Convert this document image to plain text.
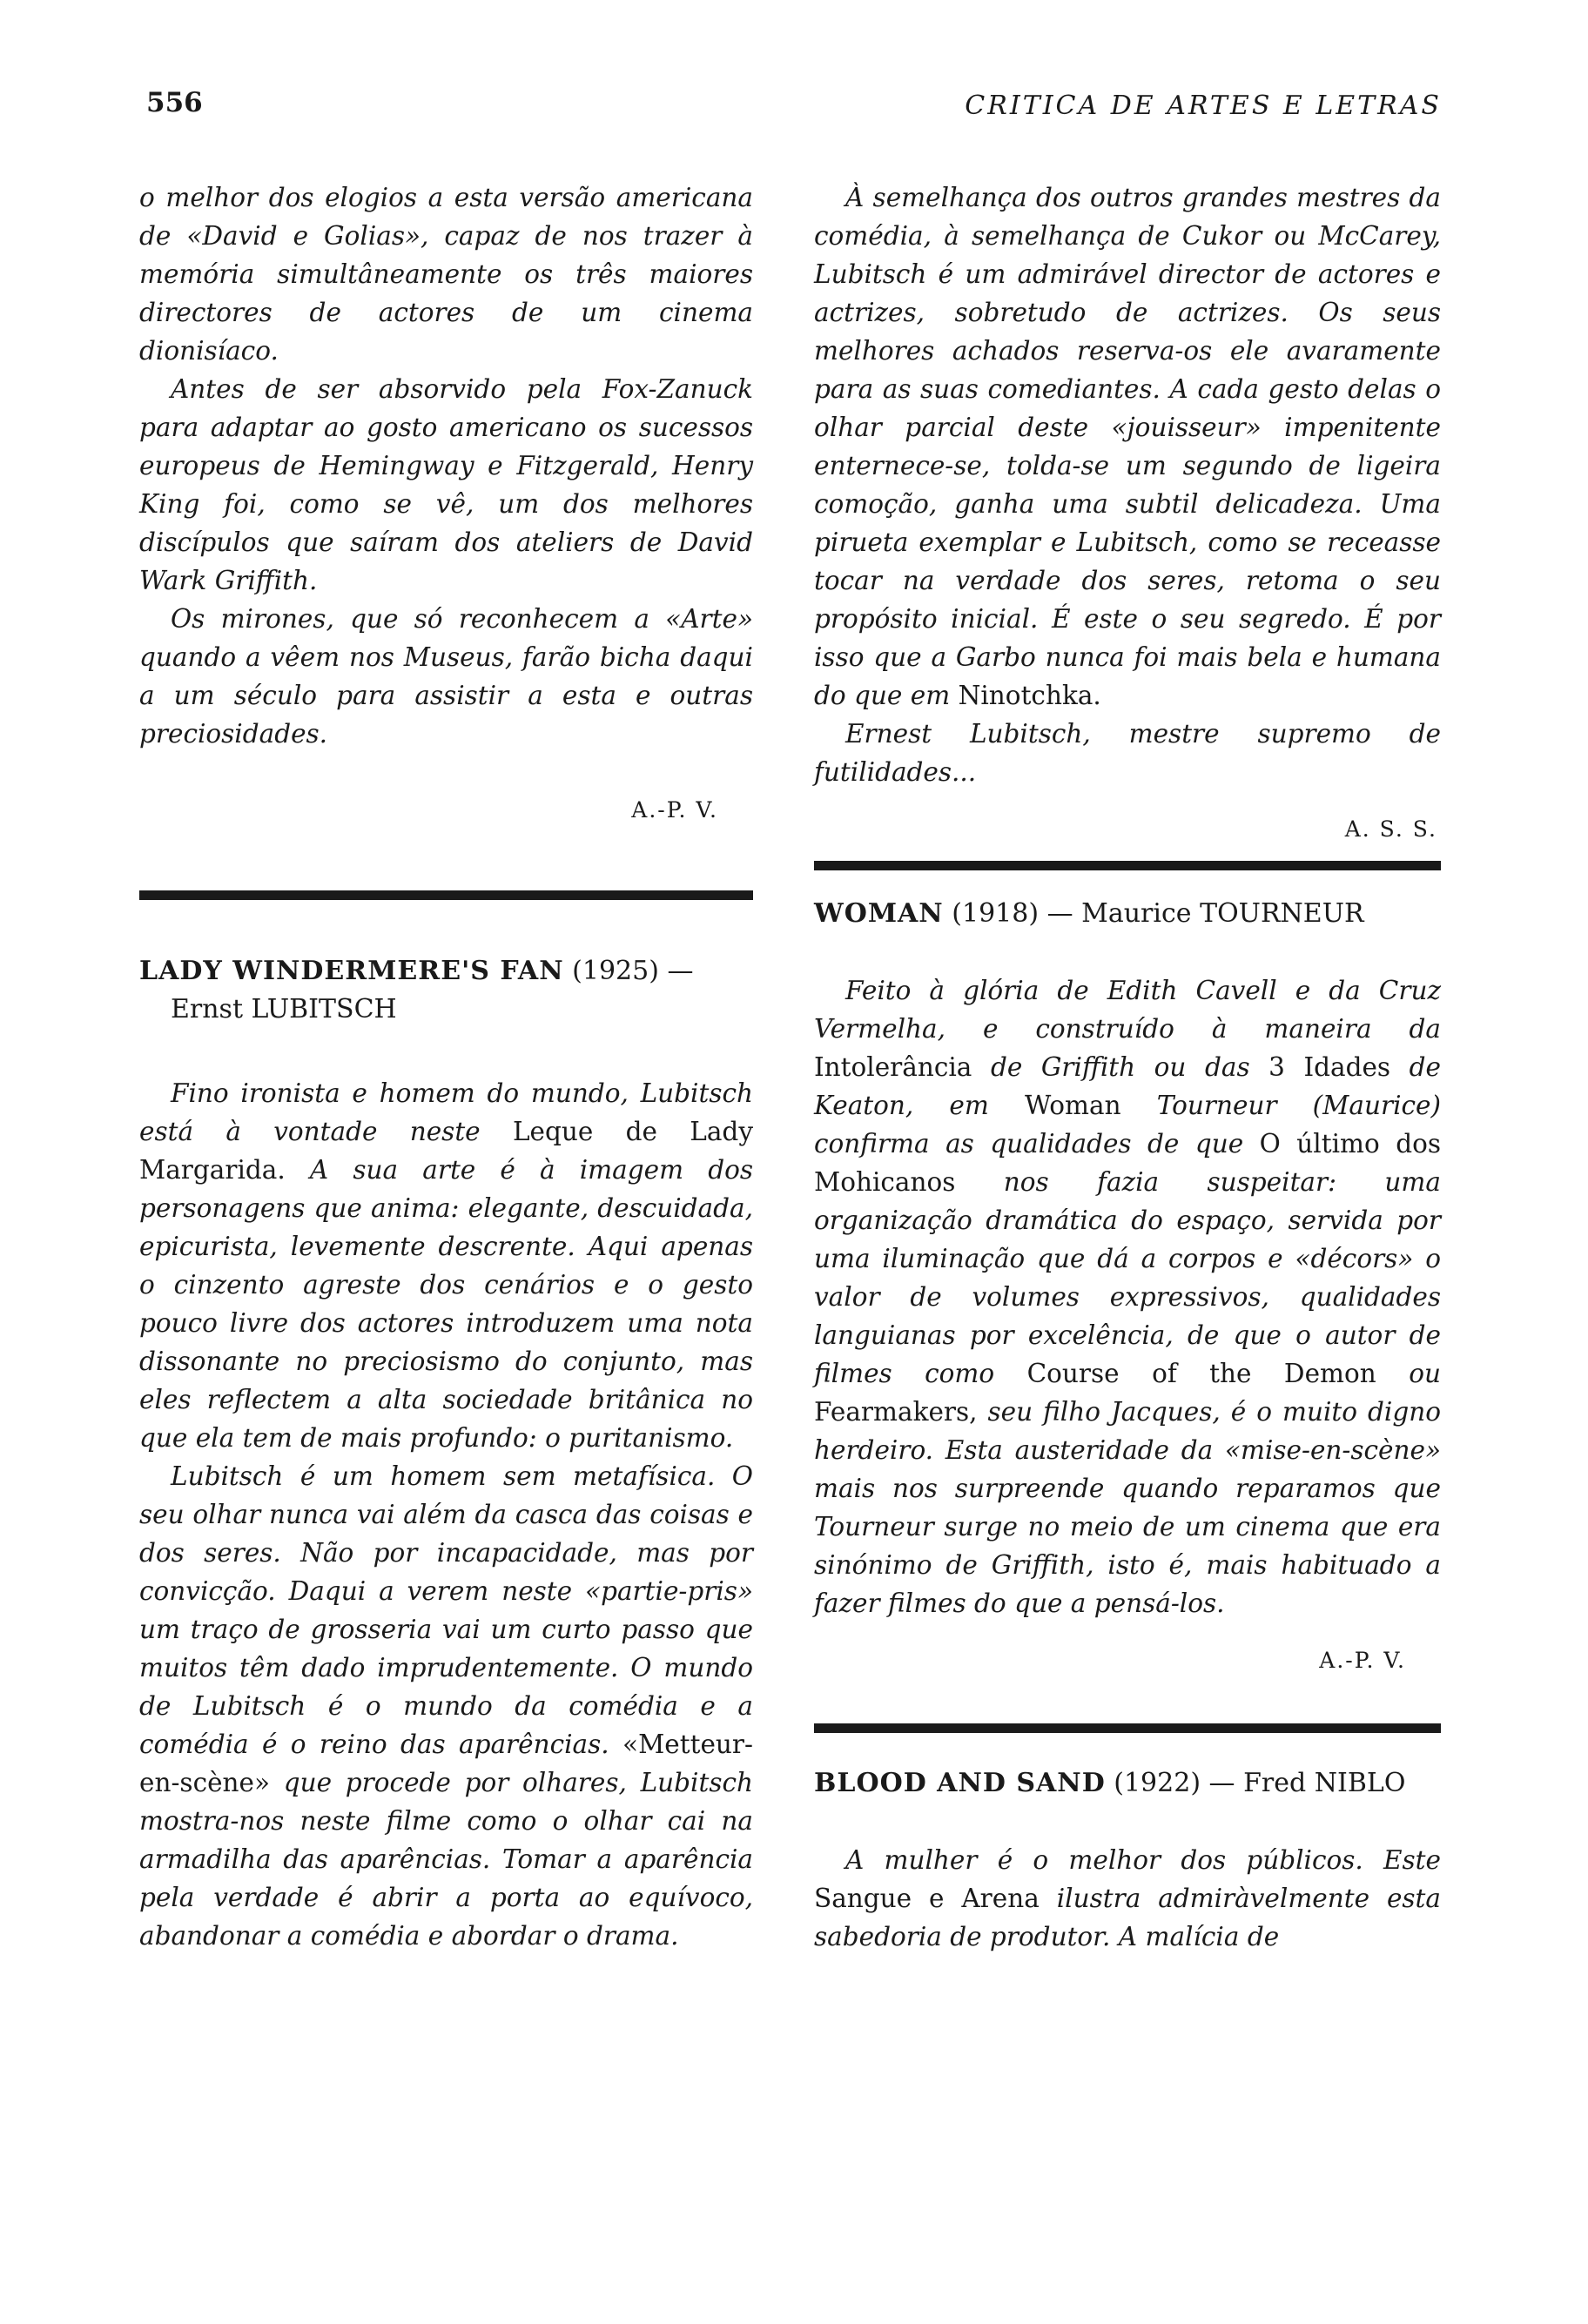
556	CRITICA DE ARTES E LETRAS

o melhor dos elogios a esta versão americana de «David e Golias», capaz de nos trazer à memória simultâneamente os três maiores directores de actores de um cinema dionisíaco.

Antes de ser absorvido pela Fox-Zanuck para adaptar ao gosto americano os sucessos europeus de Hemingway e Fitzgerald, Henry King foi, como se vê, um dos melhores discípulos que saíram dos ateliers de David Wark Griffith.

Os mirones, que só reconhecem a «Arte» quando a vêem nos Museus, farão bicha daqui a um século para assistir a esta e outras preciosidades.

A.-P. V.
LADY WINDERMERE'S FAN (1925) —
Ernst LUBITSCH

Fino ironista e homem do mundo, Lubitsch está à vontade neste Leque de Lady Margarida. A sua arte é à imagem dos personagens que anima: elegante, descuidada, epicurista, levemente descrente. Aqui apenas o cinzento agreste dos cenários e o gesto pouco livre dos actores introduzem uma nota dissonante no preciosismo do conjunto, mas eles reflectem a alta sociedade britânica no que ela tem de mais profundo: o puritanismo.

Lubitsch é um homem sem metafísica. O seu olhar nunca vai além da casca das coisas e dos seres. Não por incapacidade, mas por convicção. Daqui a verem neste «partie-pris» um traço de grosseria vai um curto passo que muitos têm dado imprudentemente. O mundo de Lubitsch é o mundo da comédia e a comédia é o reino das aparências. «Metteur-en-scène» que procede por olhares, Lubitsch mostra-nos neste filme como o olhar cai na armadilha das aparências. Tomar a aparência pela verdade é abrir a porta ao equívoco, abandonar a comédia e abordar o drama.

À semelhança dos outros grandes mestres da comédia, à semelhança de Cukor ou McCarey, Lubitsch é um admirável director de actores e actrizes, sobretudo de actrizes. Os seus melhores achados reserva-os ele avaramente para as suas comediantes. A cada gesto delas o olhar parcial deste «jouisseur» impenitente enternece-se, tolda-se um segundo de ligeira comoção, ganha uma subtil delicadeza. Uma pirueta exemplar e Lubitsch, como se receasse tocar na verdade dos seres, retoma o seu propósito inicial. É este o seu segredo. É por isso que a Garbo nunca foi mais bela e humana do que em Ninotchka.

Ernest Lubitsch, mestre supremo de futilidades...

A. S. S.
WOMAN (1918) — Maurice TOURNEUR

Feito à glória de Edith Cavell e da Cruz Vermelha, e construído à maneira da Intolerância de Griffith ou das 3 Idades de Keaton, em Woman Tourneur (Maurice) confirma as qualidades de que O último dos Mohicanos nos fazia suspeitar: uma organização dramática do espaço, servida por uma iluminação que dá a corpos e «décors» o valor de volumes expressivos, qualidades languianas por excelência, de que o autor de filmes como Course of the Demon ou Fearmakers, seu filho Jacques, é o muito digno herdeiro. Esta austeridade da «mise-en-scène» mais nos surpreende quando reparamos que Tourneur surge no meio de um cinema que era sinónimo de Griffith, isto é, mais habituado a fazer filmes do que a pensá-los.

A.-P. V.
BLOOD AND SAND (1922) — Fred NIBLO

A mulher é o melhor dos públicos. Este Sangue e Arena ilustra admiràvelmente esta sabedoria de produtor. A malícia de
